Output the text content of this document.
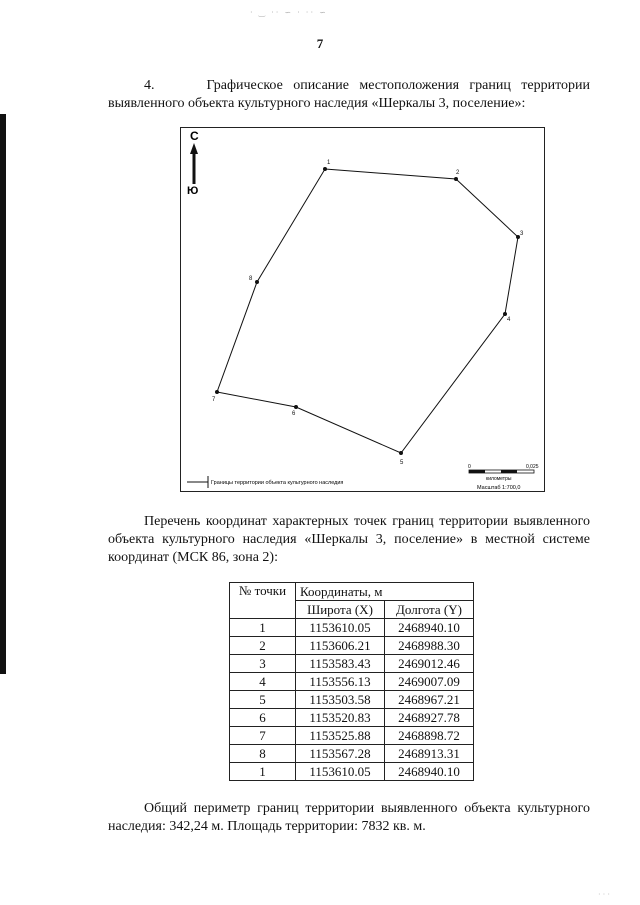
· ‿ ·· ∽ · ·· ∽
7
4.	Графическое описание местоположения границ территории выявленного объекта культурного наследия «Шеркалы 3, поселение»:
С
Ю
1
2
3
4
5
6
7
8
Границы территории объекта культурного наследия
0	0,025
километры
Масштаб 1:700,0
Перечень координат характерных точек границ территории выявленного объекта культурного наследия «Шеркалы 3, поселение» в местной системе координат (МСК 86, зона 2):
№ точки	Координаты, м	
	Широта (X)	Долгота (Y)
1	1153610.05	2468940.10
2	1153606.21	2468988.30
3	1153583.43	2469012.46
4	1153556.13	2469007.09
5	1153503.58	2468967.21
6	1153520.83	2468927.78
7	1153525.88	2468898.72
8	1153567.28	2468913.31
1	1153610.05	2468940.10
Общий периметр границ территории выявленного объекта культурного наследия: 342,24 м. Площадь территории: 7832 кв. м.
· · ·
